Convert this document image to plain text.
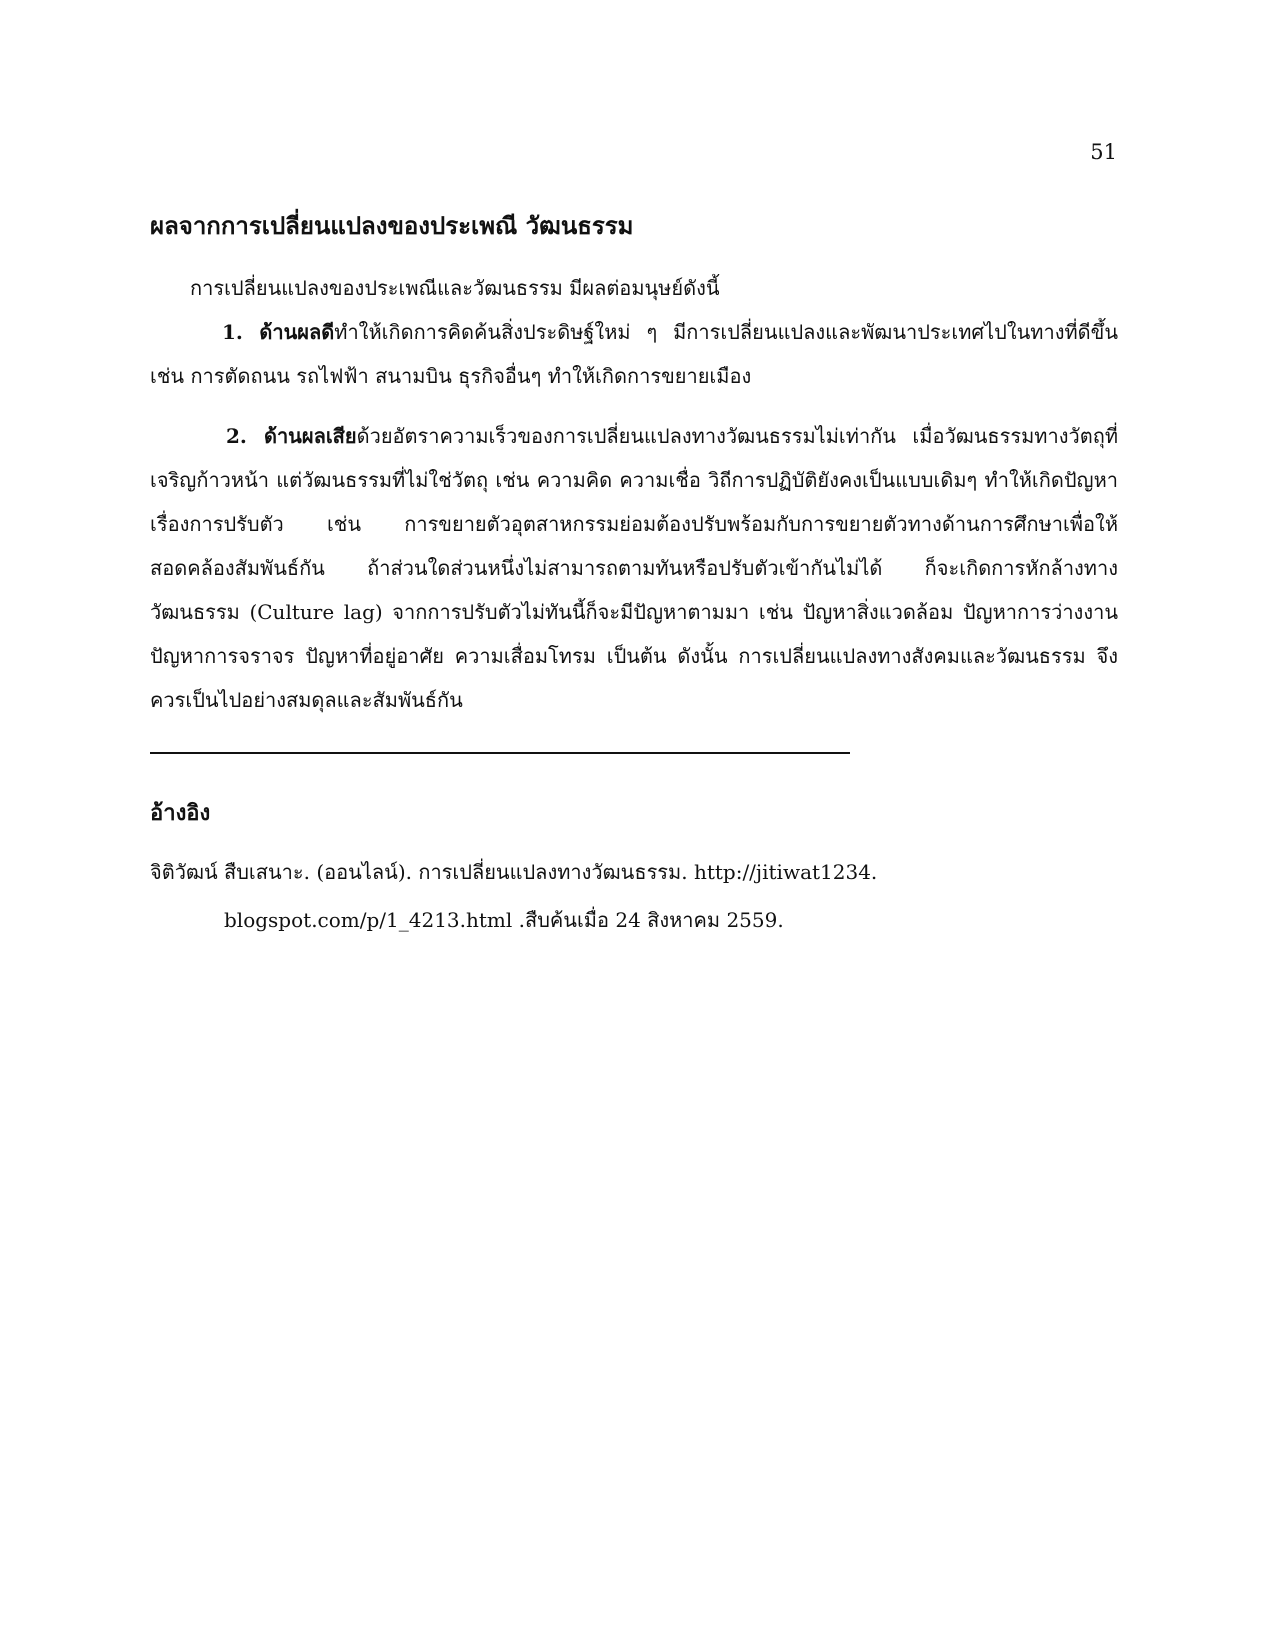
51
ผลจากการเปลี่ยนแปลงของประเพณี วัฒนธรรม

การเปลี่ยนแปลงของประเพณีและวัฒนธรรม มีผลต่อมนุษย์ดังนี้

1. ด้านผลดีทำให้เกิดการคิดค้นสิ่งประดิษฐ์ใหม่ ๆ มีการเปลี่ยนแปลงและพัฒนาประเทศไปในทางที่ดีขึ้นเช่น การตัดถนน รถไฟฟ้า สนามบิน ธุรกิจอื่นๆ ทำให้เกิดการขยายเมือง

2. ด้านผลเสียด้วยอัตราความเร็วของการเปลี่ยนแปลงทางวัฒนธรรมไม่เท่ากัน เมื่อวัฒนธรรมทางวัตถุที่เจริญก้าวหน้า แต่วัฒนธรรมที่ไม่ใช่วัตถุ เช่น ความคิด ความเชื่อ วิถีการปฏิบัติยังคงเป็นแบบเดิมๆ ทำให้เกิดปัญหาเรื่องการปรับตัว เช่น การขยายตัวอุตสาหกรรมย่อมต้องปรับพร้อมกับการขยายตัวทางด้านการศึกษาเพื่อให้สอดคล้องสัมพันธ์กัน ถ้าส่วนใดส่วนหนึ่งไม่สามารถตามทันหรือปรับตัวเข้ากันไม่ได้ ก็จะเกิดการหักล้างทางวัฒนธรรม (Culture lag) จากการปรับตัวไม่ทันนี้ก็จะมีปัญหาตามมา เช่น ปัญหาสิ่งแวดล้อม ปัญหาการว่างงาน ปัญหาการจราจร ปัญหาที่อยู่อาศัย ความเสื่อมโทรม เป็นต้น ดังนั้น การเปลี่ยนแปลงทางสังคมและวัฒนธรรม จึงควรเป็นไปอย่างสมดุลและสัมพันธ์กัน

อ้างอิง

จิติวัฒน์ สืบเสนาะ. (ออนไลน์). การเปลี่ยนแปลงทางวัฒนธรรม. http://jitiwat1234. blogspot.com/p/1_4213.html .สืบค้นเมื่อ 24 สิงหาคม 2559.
